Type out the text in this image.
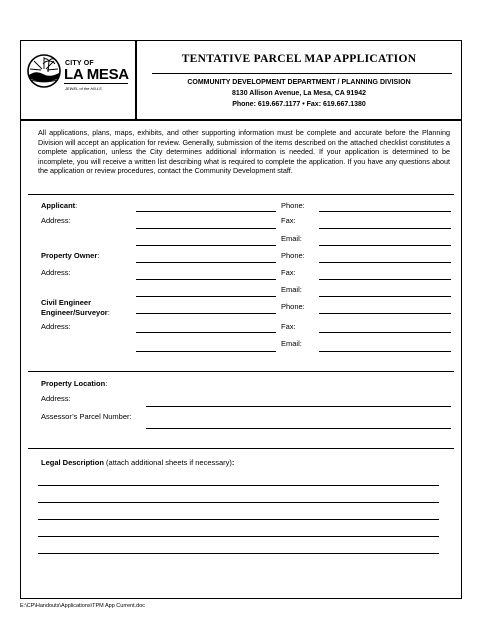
CITY OF
LA MESA
JEWEL of the HILLS
TENTATIVE PARCEL MAP APPLICATION
COMMUNITY DEVELOPMENT DEPARTMENT / PLANNING DIVISION
8130 Allison Avenue, La Mesa, CA 91942
Phone: 619.667.1177 • Fax: 619.667.1380
All applications, plans, maps, exhibits, and other supporting information must be complete and accurate before the Planning Division will accept an application for review. Generally, submission of the items described on the attached checklist constitutes a complete application, unless the City determines additional information is needed. If your application is determined to be incomplete, you will receive a written list describing what is required to complete the application. If you have any questions about the application or review procedures, contact the Community Development staff.
Applicant:	Phone:
Address:	Fax:
Email:
Property Owner:	Phone:
Address:	Fax:
Email:
Civil Engineer
Engineer/Surveyor:
Phone:
Address:	Fax:
Email:
Property Location:
Address:
Assessor’s Parcel Number:
Legal Description (attach additional sheets if necessary):
E:\CP\Handouts\Applications\TPM App Current.doc
